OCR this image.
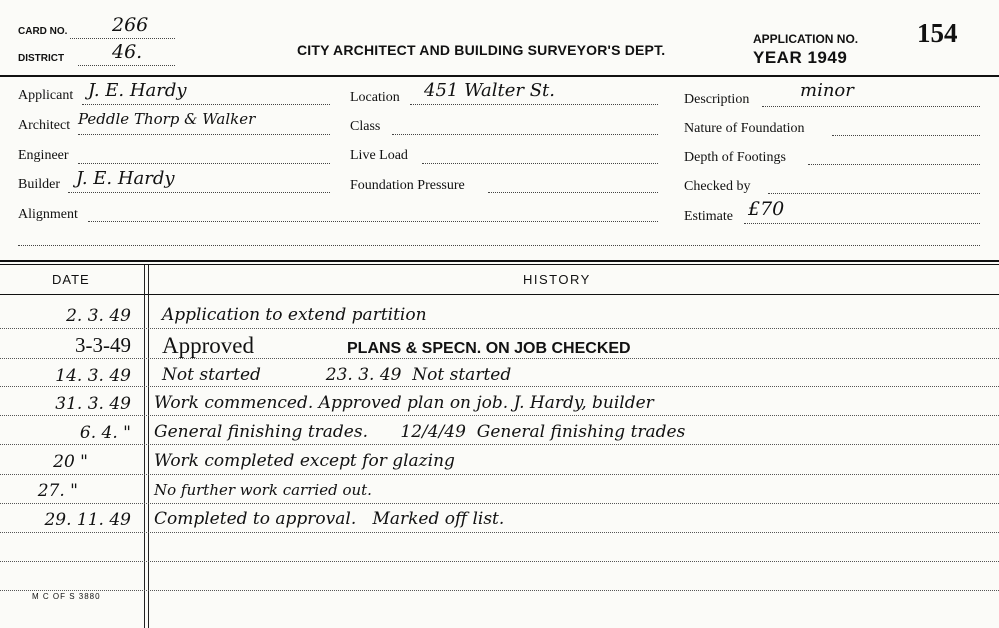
CARD NO. 266
DISTRICT	46.	CITY ARCHITECT AND BUILDING SURVEYOR'S DEPT.
APPLICATION NO. 154
YEAR 1949
Applicant J. E. Hardy
Architect Peddle Thorp & Walker
Engineer
Builder J. E. Hardy
Alignment
Location 451 Walter St.
Class
Live Load
Foundation Pressure
Description	minor
Nature of Foundation
Depth of Footings
Checked by
Estimate £70
DATE	HISTORY
2. 3. 49 Application to extend partition
3-3-49 Approved	PLANS & SPECN. ON JOB CHECKED
14. 3. 49 Not started            23. 3. 49  Not started
31. 3. 49 Work commenced. Approved plan on job. J. Hardy, builder
6. 4. " General finishing trades.      12/4/49  General finishing trades
20 "	Work completed except for glazing
27. "	No further work carried out.
29. 11. 49 Completed to approval.   Marked off list.
M C OF S 3880
